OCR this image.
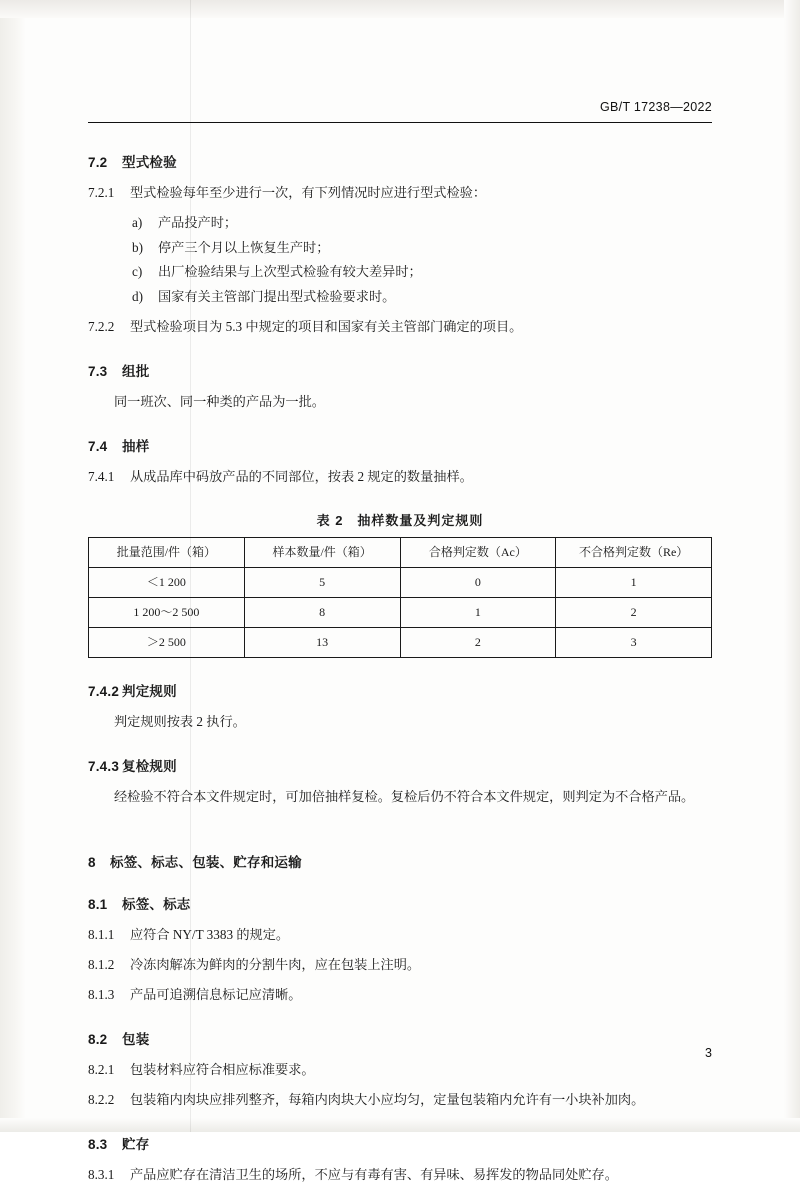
GB/T 17238—2022
7.2 型式检验

7.2.1 型式检验每年至少进行一次，有下列情况时应进行型式检验：

a) 产品投产时；
b) 停产三个月以上恢复生产时；
c) 出厂检验结果与上次型式检验有较大差异时；
d) 国家有关主管部门提出型式检验要求时。

7.2.2 型式检验项目为 5.3 中规定的项目和国家有关主管部门确定的项目。

7.3 组批

同一班次、同一种类的产品为一批。

7.4 抽样

7.4.1 从成品库中码放产品的不同部位，按表 2 规定的数量抽样。

表 2　抽样数量及判定规则
批量范围/件（箱）	样本数量/件（箱）	合格判定数（Ac）	不合格判定数（Re）
＜1 200	5	0	1
1 200～2 500	8	1	2
＞2 500	13	2	3
7.4.2 判定规则

判定规则按表 2 执行。

7.4.3 复检规则

经检验不符合本文件规定时，可加倍抽样复检。复检后仍不符合本文件规定，则判定为不合格产品。

8 标签、标志、包装、贮存和运输
8.1 标签、标志

8.1.1 应符合 NY/T 3383 的规定。

8.1.2 冷冻肉解冻为鲜肉的分割牛肉，应在包装上注明。

8.1.3 产品可追溯信息标记应清晰。

8.2 包装

8.2.1 包装材料应符合相应标准要求。

8.2.2 包装箱内肉块应排列整齐，每箱内肉块大小应均匀，定量包装箱内允许有一小块补加肉。

8.3 贮存

8.3.1 产品应贮存在清洁卫生的场所，不应与有毒有害、有异味、易挥发的物品同处贮存。

3
